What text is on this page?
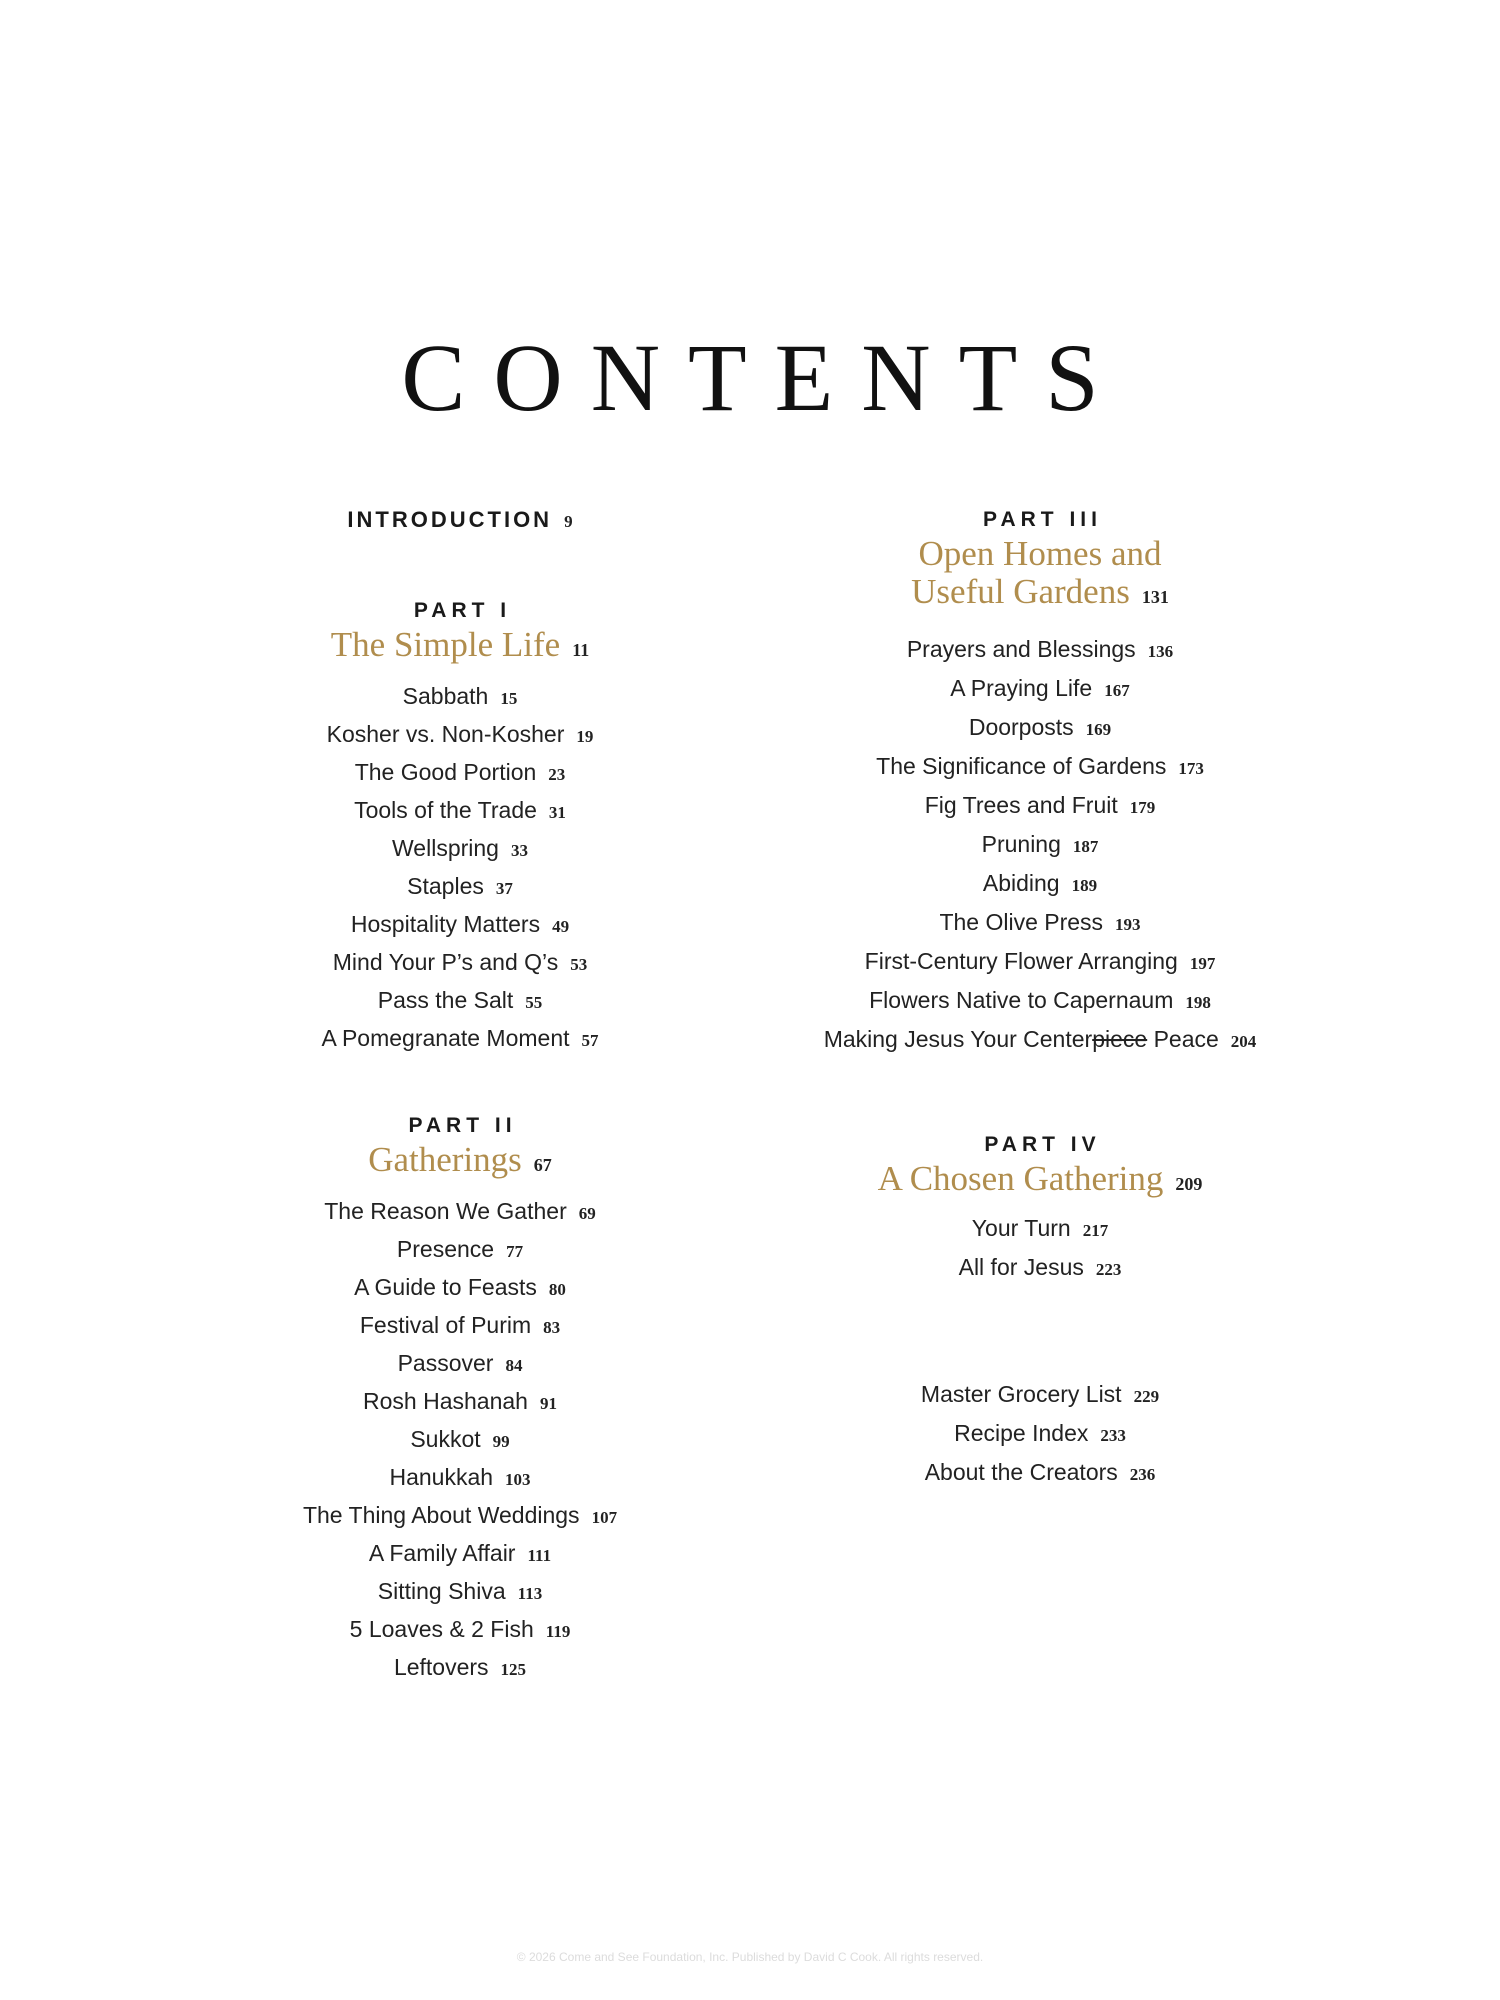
CONTENTS
INTRODUCTION 9
PART I
The Simple Life 11
Sabbath 15
Kosher vs. Non-Kosher 19
The Good Portion 23
Tools of the Trade 31
Wellspring 33
Staples 37
Hospitality Matters 49
Mind Your P’s and Q’s 53
Pass the Salt 55
A Pomegranate Moment 57
PART II
Gatherings 67
The Reason We Gather 69
Presence 77
A Guide to Feasts 80
Festival of Purim 83
Passover 84
Rosh Hashanah 91
Sukkot 99
Hanukkah 103
The Thing About Weddings 107
A Family Affair 111
Sitting Shiva 113
5 Loaves & 2 Fish 119
Leftovers 125
PART III
Open Homes and
Useful Gardens 131
Prayers and Blessings 136
A Praying Life 167
Doorposts 169
The Significance of Gardens 173
Fig Trees and Fruit 179
Pruning 187
Abiding 189
The Olive Press 193
First-Century Flower Arranging 197
Flowers Native to Capernaum 198
Making Jesus Your Centerpiece Peace 204
PART IV
A Chosen Gathering 209
Your Turn 217
All for Jesus 223
Master Grocery List 229
Recipe Index 233
About the Creators 236
© 2026 Come and See Foundation, Inc. Published by David C Cook. All rights reserved.
